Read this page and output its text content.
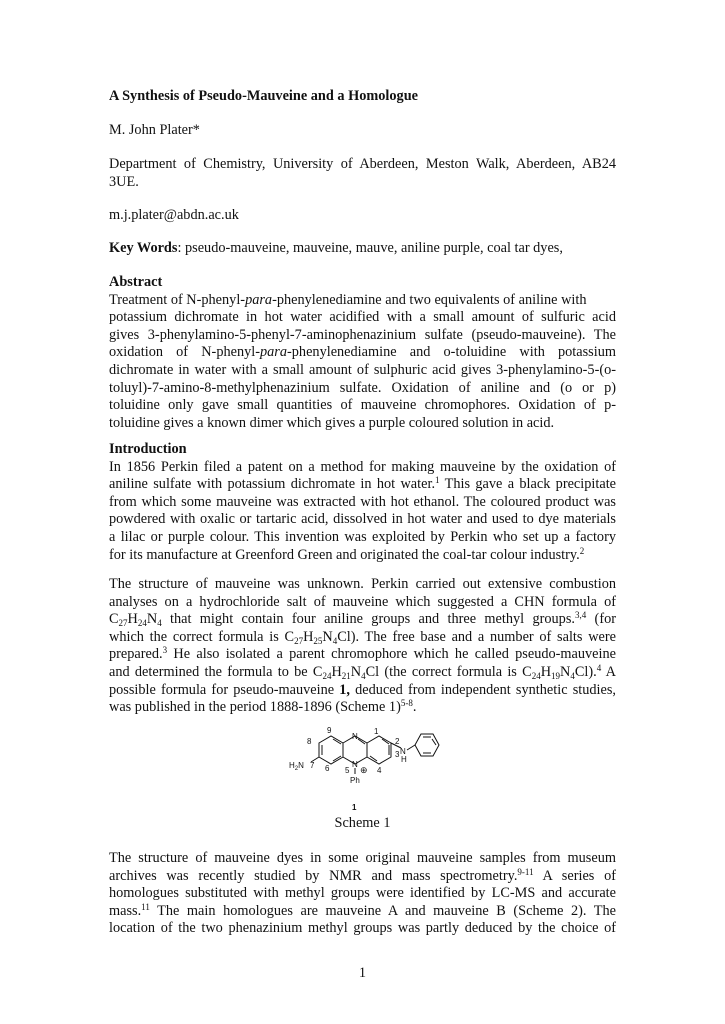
A Synthesis of Pseudo-Mauveine and a Homologue
M. John Plater*
Department of Chemistry, University of Aberdeen, Meston Walk, Aberdeen, AB24
3UE.
m.j.plater@abdn.ac.uk
Key Words: pseudo-mauveine, mauveine, mauve, aniline purple, coal tar dyes,
Abstract
Treatment of N-phenyl-para-phenylenediamine and two equivalents of aniline with
potassium dichromate in hot water acidified with a small amount of sulfuric acid
gives 3-phenylamino-5-phenyl-7-aminophenazinium sulfate (pseudo-mauveine). The
oxidation of N-phenyl-para-phenylenediamine and o-toluidine with potassium
dichromate in water with a small amount of sulphuric acid gives 3-phenylamino-5-(o-
toluyl)-7-amino-8-methylphenazinium sulfate. Oxidation of aniline and (o or p)
toluidine only gave small quantities of mauveine chromophores. Oxidation of p-
toluidine gives a known dimer which gives a purple coloured solution in acid.
Introduction
In 1856 Perkin filed a patent on a method for making mauveine by the oxidation of
aniline sulfate with potassium dichromate in hot water.$^1$ This gave a black precipitate
from which some mauveine was extracted with hot ethanol. The coloured product was
powdered with oxalic or tartaric acid, dissolved in hot water and used to dye materials
a lilac or purple colour. This invention was exploited by Perkin who set up a factory
for its manufacture at Greenford Green and originated the coal-tar colour industry.$^2$
The structure of mauveine was unknown. Perkin carried out extensive combustion
analyses on a hydrochloride salt of mauveine which suggested a CHN formula of
$C_{27}H_{24}N_4$ that might contain four aniline groups and three methyl groups.$^{3,4}$ (for
which the correct formula is $C_{27}H_{25}N_4Cl$). The free base and a number of salts were
prepared.$^3$ He also isolated a parent chromophore which he called pseudo-mauveine
and determined the formula to be $C_{24}H_{21}N_4Cl$ (the correct formula is $C_{24}H_{19}N_4Cl).^4$ A
possible formula for pseudo-mauveine 1, deduced from independent synthetic studies,
was published in the period 1888-1896 (Scheme 1)$^{5-8}$.
N
N
⊕
Ph
$H_2N$
N
H
1
2
3
4
5
6
7
8
9
1
Scheme 1
The structure of mauveine dyes in some original mauveine samples from museum
archives was recently studied by NMR and mass spectrometry.$^{9-11}$ A series of
homologues substituted with methyl groups were identified by LC-MS and accurate
mass.$^{11}$ The main homologues are mauveine A and mauveine B (Scheme 2). The
location of the two phenazinium methyl groups was partly deduced by the choice of
1
